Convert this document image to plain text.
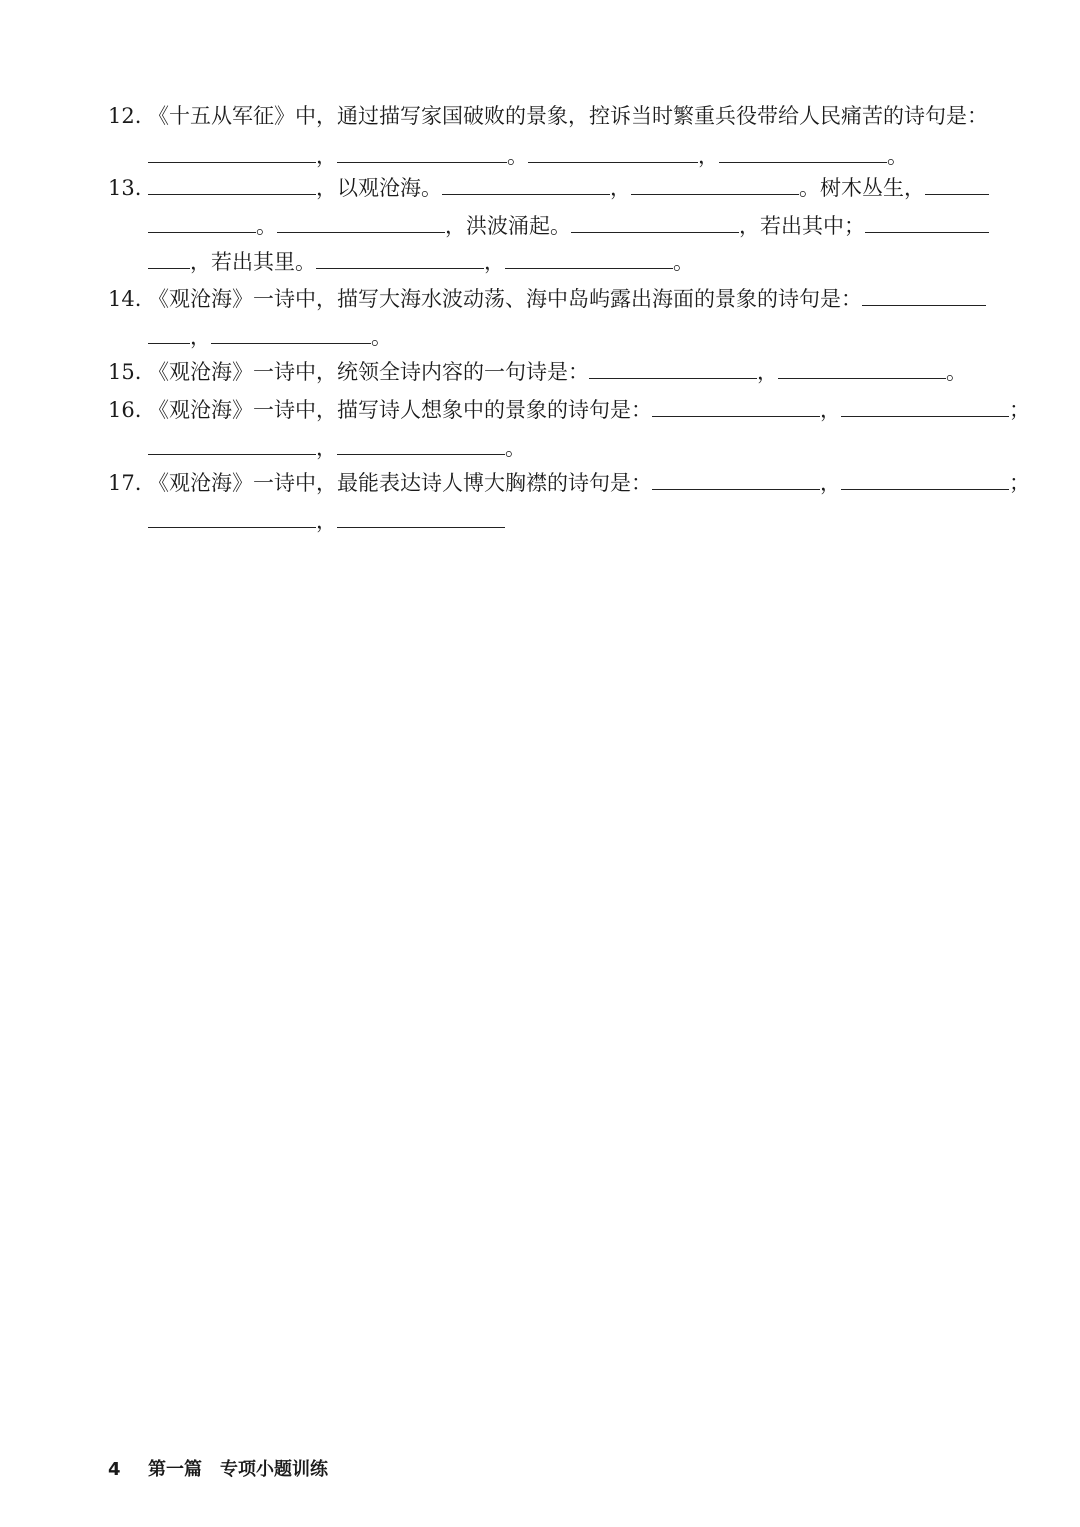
12. 《十五从军征》中，通过描写家国破败的景象，控诉当时繁重兵役带给人民痛苦的诗句是：
，	。	，	。
13.	，以观沧海。	，	。树木丛生，
。	，洪波涌起。	，若出其中；
，若出其里。	，	。
14. 《观沧海》一诗中，描写大海水波动荡、海中岛屿露出海面的景象的诗句是：
，	。
15. 《观沧海》一诗中，统领全诗内容的一句诗是：	，	。
16. 《观沧海》一诗中，描写诗人想象中的景象的诗句是：	，	；
，	。
17. 《观沧海》一诗中，最能表达诗人博大胸襟的诗句是：	，	；
，
4 第一篇　专项小题训练
